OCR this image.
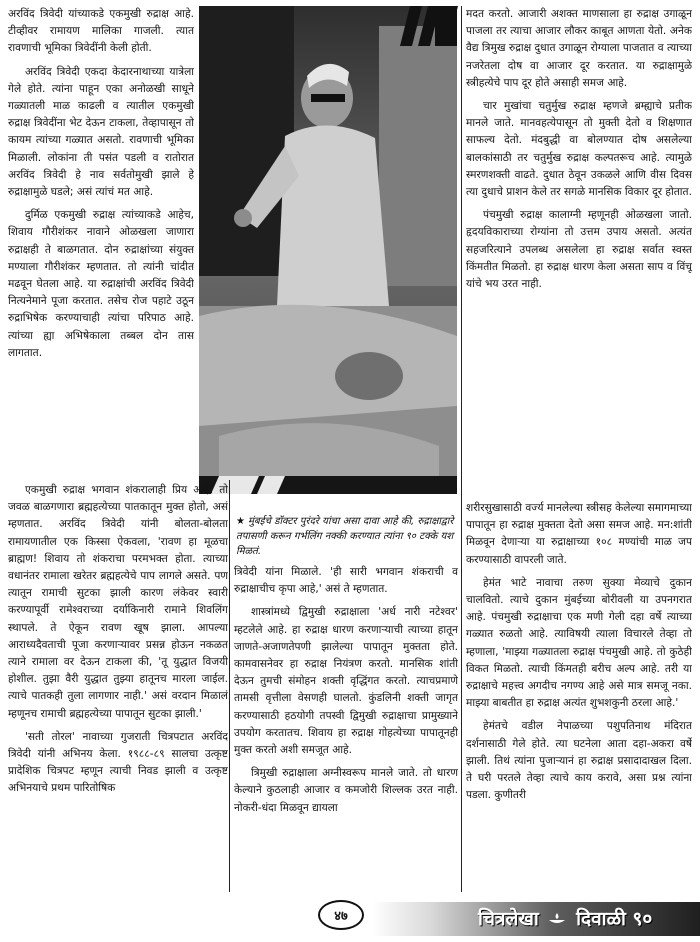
अरविंद त्रिवेदी यांच्याकडे एकमुखी रुद्राक्ष आहे. टीव्हीवर रामायण मालिका गाजली. त्यात रावणाची भूमिका त्रिवेदींनी केली होती.

अरविंद त्रिवेदी एकदा केदारनाथाच्या यात्रेला गेले होते. त्यांना पाहून एका अनोळखी साधूने गळ्यातली माळ काढली व त्यातील एकमुखी रुद्राक्ष त्रिवेदींना भेट देऊन टाकला, तेव्हापासून तो कायम त्यांच्या गळ्यात असतो. रावणाची भूमिका मिळाली. लोकांना ती पसंत पडली व रातोरात अरविंद त्रिवेदी हे नाव सर्वतोमुखी झाले हे रुद्राक्षामुळे घडले; असं त्यांचं मत आहे.

दुर्मिळ एकमुखी रुद्राक्ष त्यांच्याकडे आहेच, शिवाय गौरीशंकर नावाने ओळखला जाणारा रुद्राक्षही ते बाळगतात. दोन रुद्राक्षांच्या संयुक्त मण्याला गौरीशंकर म्हणतात. तो त्यांनी चांदीत मढवून घेतला आहे. या रुद्राक्षांची अरविंद त्रिवेदी नित्यनेमाने पूजा करतात. तसेच रोज पहाटे उठून रुद्राभिषेक करण्याचाही त्यांचा परिपाठ आहे. त्यांच्या ह्या अभिषेकाला तब्बल दोन तास लागतात.

मदत करतो. आजारी अशक्त माणसाला हा रुद्राक्ष उगाळून पाजला तर त्याचा आजार लौकर काबूत आणता येतो. अनेक वैद्य त्रिमुख रुद्राक्ष दुधात उगाळून रोग्याला पाजतात व त्याच्या नजरेतला दोष वा आजार दूर करतात. या रुद्राक्षामुळे स्त्रीहत्येचे पाप दूर होते असाही समज आहे.

चार मुखांचा चतुर्मुख रुद्राक्ष म्हणजे ब्रम्ह्याचे प्रतीक मानले जाते. मानवहत्येपासून तो मुक्ती देतो व शिक्षणात साफल्य देतो. मंदबुद्धी वा बोलण्यात दोष असलेल्या बालकांसाठी तर चतुर्मुख रुद्राक्ष कल्पतरूच आहे. त्यामुळे स्मरणशक्ती वाढते. दुधात ठेवून उकळले आणि वीस दिवस त्या दुधाचे प्राशन केले तर सगळे मानसिक विकार दूर होतात.

पंचमुखी रुद्राक्ष कालाग्नी म्हणूनही ओळखला जातो. हृदयविकाराच्या रोग्यांना तो उत्तम उपाय असतो. अत्यंत सहजरित्याने उपलब्ध असलेला हा रुद्राक्ष सर्वात स्वस्त किंमतीत मिळतो. हा रुद्राक्ष धारण केला असता साप व विंचू यांचे भय उरत नाही.

एकमुखी रुद्राक्ष भगवान शंकरालाही प्रिय आहे. तो जवळ बाळगणारा ब्रह्महत्येच्या पातकातून मुक्त होतो, असं म्हणतात. अरविंद त्रिवेदी यांनी बोलता-बोलता रामायणातील एक किस्सा ऐकवला, 'रावण हा मूळचा ब्राह्मण! शिवाय तो शंकराचा परमभक्त होता. त्याच्या वधानंतर रामाला खरेतर ब्रह्महत्येचे पाप लागले असते. पण त्यातून रामाची सुटका झाली कारण लंकेवर स्वारी करण्यापूर्वी रामेश्वराच्या दर्याकिनारी रामाने शिवलिंग स्थापले. ते ऐकून रावण खूष झाला. आपल्या आराध्यदैवताची पूजा करणाऱ्यावर प्रसन्न होऊन नकळत त्याने रामाला वर देऊन टाकला की, 'तू युद्धात विजयी होशील. तुझा वैरी युद्धात तुझ्या हातूनच मारला जाईल. त्याचे पातकही तुला लागणार नाही.' असं वरदान मिळालं म्हणूनच रामाची ब्रह्महत्येच्या पापातून सुटका झाली.'

'सती तोरल' नावाच्या गुजराती चित्रपटात अरविंद त्रिवेदी यांनी अभिनय केला. १९८८-८९ सालचा उत्कृष्ट प्रादेशिक चित्रपट म्हणून त्याची निवड झाली व उत्कृष्ट अभिनयाचे प्रथम पारितोषिक

★ मुंबईचे डॉक्टर पुरंदरे यांचा असा दावा आहे की, रुद्राक्षाद्वारे तपासणी करून गर्भलिंग नक्की करण्यात त्यांना ९० टक्के यश मिळतं.

त्रिवेदी यांना मिळाले. 'ही सारी भगवान शंकराची व रुद्राक्षाचीच कृपा आहे,' असं ते म्हणतात.

शास्त्रांमध्ये द्विमुखी रुद्राक्षाला 'अर्ध नारी नटेश्वर' म्हटलेले आहे. हा रुद्राक्ष धारण करणाऱ्याची त्याच्या हातून जाणते-अजाणतेपणी झालेल्या पापातून मुक्तता होते. कामवासनेवर हा रुद्राक्ष नियंत्रण करतो. मानसिक शांती देऊन तुमची संमोहन शक्ती वृद्धिंगत करतो. त्याचप्रमाणे तामसी वृत्तीला वेसणही घालतो. कुंडलिनी शक्ती जागृत करण्यासाठी हठयोगी तपस्वी द्विमुखी रुद्राक्षाचा प्रामुख्याने उपयोग करतातच. शिवाय हा रुद्राक्ष गोहत्येच्या पापातूनही मुक्त करतो अशी समजूत आहे.

त्रिमुखी रुद्राक्षाला अग्नीस्वरूप मानले जाते. तो धारण केल्याने कुठलाही आजार व कमजोरी शिल्लक उरत नाही. नोकरी-धंदा मिळवून द्यायला

शरीरसुखासाठी वर्ज्य मानलेल्या स्त्रीसह केलेल्या समागमाच्या पापातून हा रुद्राक्ष मुक्तता देतो असा समज आहे. मन:शांती मिळवून देणाऱ्या या रुद्राक्षाच्या १०८ मण्यांची माळ जप करण्यासाठी वापरली जाते.

हेमंत भाटे नावाचा तरुण सुक्या मेव्याचे दुकान चालवितो. त्याचे दुकान मुंबईच्या बोरीवली या उपनगरात आहे. पंचमुखी रुद्राक्षाचा एक मणी गेली दहा वर्षे त्याच्या गळ्यात रुळतो आहे. त्याविषयी त्याला विचारले तेव्हा तो म्हणाला, 'माझ्या गळ्यातला रुद्राक्ष पंचमुखी आहे. तो कुठेही विकत मिळतो. त्याची किंमतही बरीच अल्प आहे. तरी या रुद्राक्षाचे महत्त्व अगदीच नगण्य आहे असे मात्र समजू नका. माझ्या बाबतीत हा रुद्राक्ष अत्यंत शुभशकुनी ठरला आहे.'

हेमंतचे वडील नेपाळच्या पशुपतिनाथ मंदिरात दर्शनासाठी गेले होते. त्या घटनेला आता दहा-अकरा वर्षे झाली. तिथं त्यांना पुजाऱ्यानं हा रुद्राक्ष प्रसादादाखल दिला. ते घरी परतले तेव्हा त्याचे काय करावे, असा प्रश्न त्यांना पडला. कुणीतरी

४७	चित्रलेखा दिवाळी ९०
